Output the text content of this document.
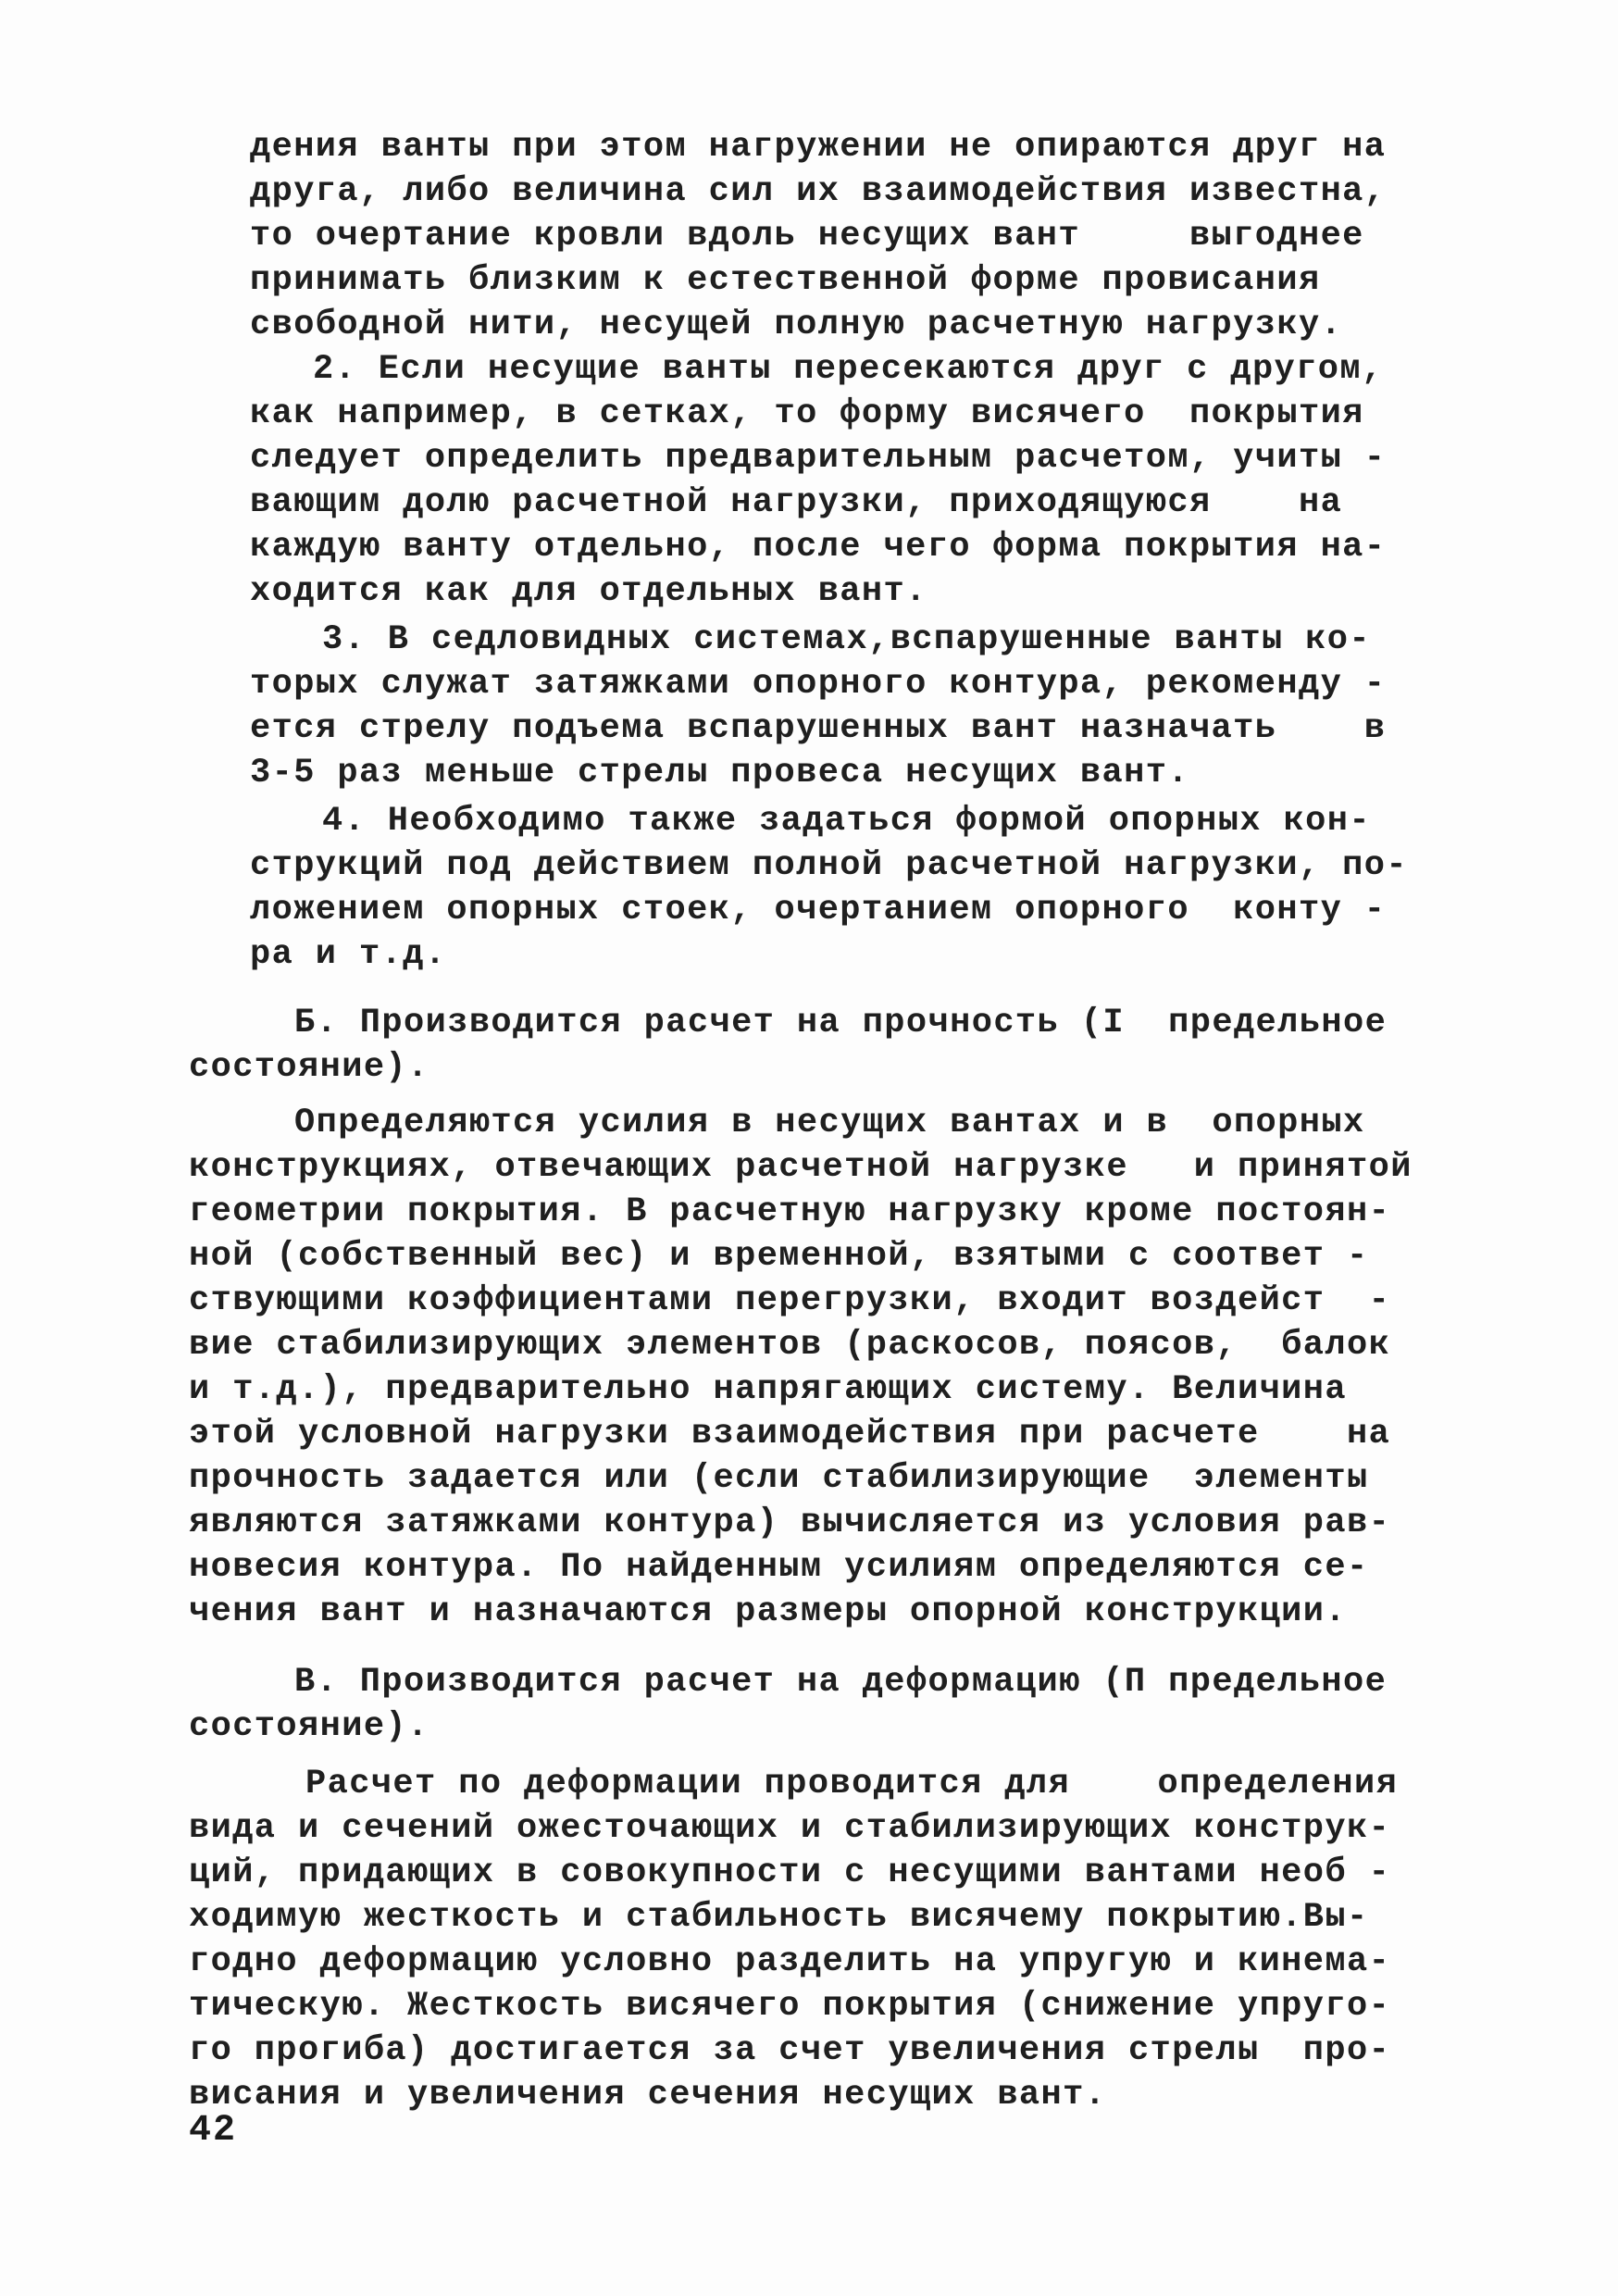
дения ванты при этом нагружении не опираются друг на
друга, либо величина сил их взаимодействия известна,
то очертание кровли вдоль несущих вант     выгоднее
принимать близким к естественной форме провисания
свободной нити, несущей полную расчетную нагрузку.
2. Если несущие ванты пересекаются друг с другом,
как например, в сетках, то форму висячего  покрытия
следует определить предварительным расчетом, учиты -
вающим долю расчетной нагрузки, приходящуюся    на
каждую ванту отдельно, после чего форма покрытия на-
ходится как для отдельных вант.
3. В седловидных системах,вспарушенные ванты ко-
торых служат затяжками опорного контура, рекоменду -
ется стрелу подъема вспарушенных вант назначать    в
3-5 раз меньше стрелы провеса несущих вант.
4. Необходимо также задаться формой опорных кон-
струкций под действием полной расчетной нагрузки, по-
ложением опорных стоек, очертанием опорного  конту -
ра и т.д.
Б. Производится расчет на прочность (I  предельное
состояние).
Определяются усилия в несущих вантах и в  опорных
конструкциях, отвечающих расчетной нагрузке   и принятой
геометрии покрытия. В расчетную нагрузку кроме постоян-
ной (собственный вес) и временной, взятыми с соответ -
ствующими коэффициентами перегрузки, входит воздейст  -
вие стабилизирующих элементов (раскосов, поясов,  балок
и т.д.), предварительно напрягающих систему. Величина
этой условной нагрузки взаимодействия при расчете    на
прочность задается или (если стабилизирующие  элементы
являются затяжками контура) вычисляется из условия рав-
новесия контура. По найденным усилиям определяются се-
чения вант и назначаются размеры опорной конструкции.
В. Производится расчет на деформацию (П предельное
состояние).
Расчет по деформации проводится для    определения
вида и сечений ожесточающих и стабилизирующих конструк-
ций, придающих в совокупности с несущими вантами необ -
ходимую жесткость и стабильность висячему покрытию.Вы-
годно деформацию условно разделить на упругую и кинема-
тическую. Жесткость висячего покрытия (снижение упруго-
го прогиба) достигается за счет увеличения стрелы  про-
висания и увеличения сечения несущих вант.
42
